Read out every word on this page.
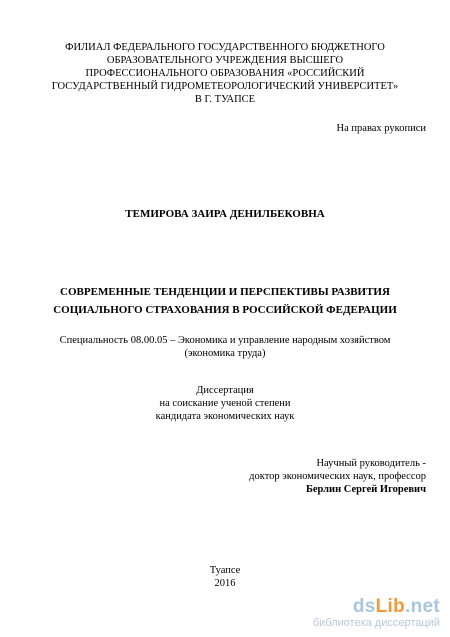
ФИЛИАЛ ФЕДЕРАЛЬНОГО ГОСУДАРСТВЕННОГО БЮДЖЕТНОГО
ОБРАЗОВАТЕЛЬНОГО УЧРЕЖДЕНИЯ ВЫСШЕГО
ПРОФЕССИОНАЛЬНОГО ОБРАЗОВАНИЯ «РОССИЙСКИЙ
ГОСУДАРСТВЕННЫЙ ГИДРОМЕТЕОРОЛОГИЧЕСКИЙ УНИВЕРСИТЕТ»
В Г. ТУАПСЕ
На правах рукописи
ТЕМИРОВА ЗАИРА ДЕНИЛБЕКОВНА
СОВРЕМЕННЫЕ ТЕНДЕНЦИИ И ПЕРСПЕКТИВЫ РАЗВИТИЯ
СОЦИАЛЬНОГО СТРАХОВАНИЯ В РОССИЙСКОЙ ФЕДЕРАЦИИ
Специальность 08.00.05 – Экономика и управление народным хозяйством
(экономика труда)
Диссертация
на соискание ученой степени
кандидата экономических наук
Научный руководитель -
доктор экономических наук, профессор
Берлин Сергей Игоревич
Туапсе
2016
dsLib.net
библиотека диссертаций
